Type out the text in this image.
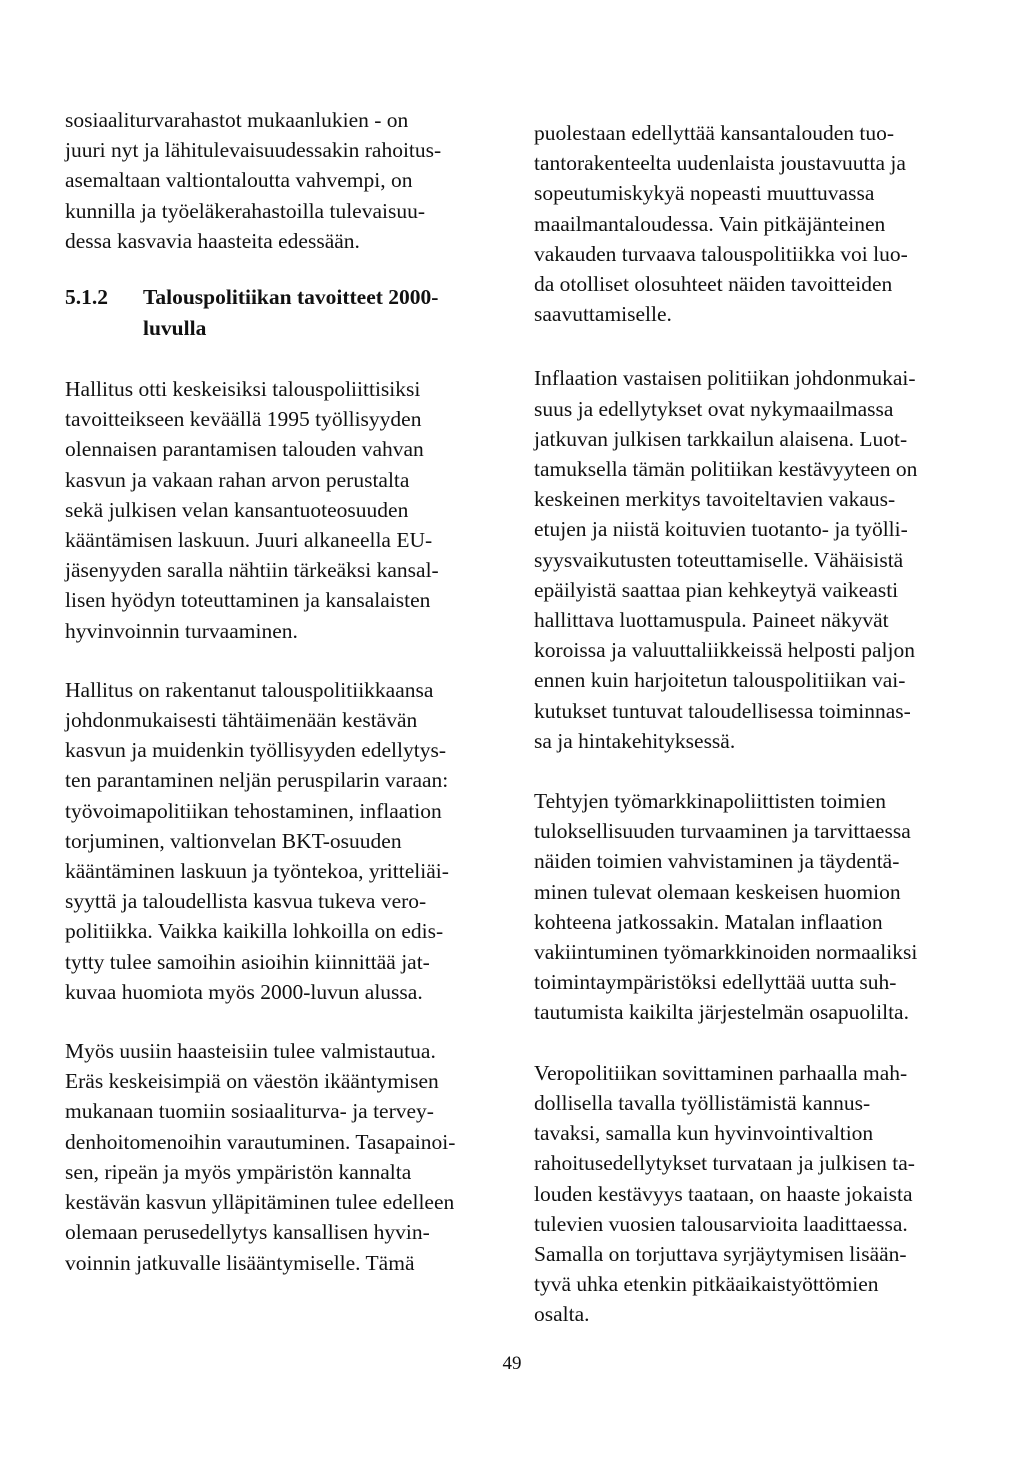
sosiaaliturvarahastot mukaanlukien - on
juuri nyt ja lähitulevaisuudessakin rahoitus-
asemaltaan valtiontaloutta vahvempi, on
kunnilla ja työeläkerahastoilla tulevaisuu-
dessa kasvavia haasteita edessään.

5.1.2 Talouspolitiikan tavoitteet 2000-
luvulla

Hallitus otti keskeisiksi talouspoliittisiksi
tavoitteikseen keväällä 1995 työllisyyden
olennaisen parantamisen talouden vahvan
kasvun ja vakaan rahan arvon perustalta
sekä julkisen velan kansantuoteosuuden
kääntämisen laskuun. Juuri alkaneella EU-
jäsenyyden saralla nähtiin tärkeäksi kansal-
lisen hyödyn toteuttaminen ja kansalaisten
hyvinvoinnin turvaaminen.

Hallitus on rakentanut talouspolitiikkaansa
johdonmukaisesti tähtäimenään kestävän
kasvun ja muidenkin työllisyyden edellytys-
ten parantaminen neljän peruspilarin varaan:
työvoimapolitiikan tehostaminen, inflaation
torjuminen, valtionvelan BKT-osuuden
kääntäminen laskuun ja työntekoa, yritteliäi-
syyttä ja taloudellista kasvua tukeva vero-
politiikka. Vaikka kaikilla lohkoilla on edis-
tytty tulee samoihin asioihin kiinnittää jat-
kuvaa huomiota myös 2000-luvun alussa.

Myös uusiin haasteisiin tulee valmistautua.
Eräs keskeisimpiä on väestön ikääntymisen
mukanaan tuomiin sosiaaliturva- ja tervey-
denhoitomenoihin varautuminen. Tasapainoi-
sen, ripeän ja myös ympäristön kannalta
kestävän kasvun ylläpitäminen tulee edelleen
olemaan perusedellytys kansallisen hyvin-
voinnin jatkuvalle lisääntymiselle. Tämä

puolestaan edellyttää kansantalouden tuo-
tantorakenteelta uudenlaista joustavuutta ja
sopeutumiskykyä nopeasti muuttuvassa
maailmantaloudessa. Vain pitkäjänteinen
vakauden turvaava talouspolitiikka voi luo-
da otolliset olosuhteet näiden tavoitteiden
saavuttamiselle.

Inflaation vastaisen politiikan johdonmukai-
suus ja edellytykset ovat nykymaailmassa
jatkuvan julkisen tarkkailun alaisena. Luot-
tamuksella tämän politiikan kestävyyteen on
keskeinen merkitys tavoiteltavien vakaus-
etujen ja niistä koituvien tuotanto- ja työlli-
syysvaikutusten toteuttamiselle. Vähäisistä
epäilyistä saattaa pian kehkeytyä vaikeasti
hallittava luottamuspula. Paineet näkyvät
koroissa ja valuuttaliikkeissä helposti paljon
ennen kuin harjoitetun talouspolitiikan vai-
kutukset tuntuvat taloudellisessa toiminnas-
sa ja hintakehityksessä.

Tehtyjen työmarkkinapoliittisten toimien
tuloksellisuuden turvaaminen ja tarvittaessa
näiden toimien vahvistaminen ja täydentä-
minen tulevat olemaan keskeisen huomion
kohteena jatkossakin. Matalan inflaation
vakiintuminen työmarkkinoiden normaaliksi
toimintaympäristöksi edellyttää uutta suh-
tautumista kaikilta järjestelmän osapuolilta.

Veropolitiikan sovittaminen parhaalla mah-
dollisella tavalla työllistämistä kannus-
tavaksi, samalla kun hyvinvointivaltion
rahoitusedellytykset turvataan ja julkisen ta-
louden kestävyys taataan, on haaste jokaista
tulevien vuosien talousarvioita laadittaessa.
Samalla on torjuttava syrjäytymisen lisään-
tyvä uhka etenkin pitkäaikaistyöttömien
osalta.

49
